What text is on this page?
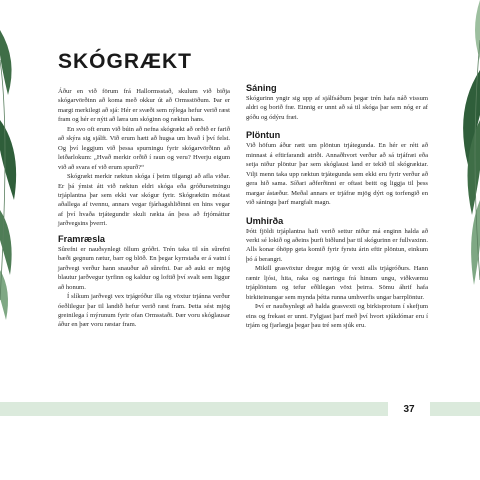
SKÓGRÆKT

Áður en við förum frá Hallormsstað, skulum við biðja skógarvörðinn að koma með okkur út að Ormsstöðum. Þar er margt merkilegt að sjá: Hér er svæði sem nýlega hefur verið ræst fram og hér er nýtt að læra um skóginn og ræktun hans.

En svo oft erum við búin að nefna skógrækt að orðið er farið að skýra sig sjálft. Við erum hætt að hugsa um hvað í því felst. Og því leggjum við þessa spurningu fyrir skógarvörðinn að leiðarlokum: „Hvað merkir orðið í raun og veru? Hverju eigum við að svara ef við erum spurð?“

Skógrækt merkir ræktun skóga í þeim tilgangi að afla viðar. Er þá ýmist átt við ræktun eldri skóga eða gróðursetningu trjáplantna þar sem ekki var skógur fyrir. Skógræktin mótast aðallega af tvennu, annars vegar fjárhagshliðinni en hins vegar af því hvaða trjátegundir skuli rækta án þess að frjómáttur jarðvegsins þverri.

Framræsla

Sûrefni er nauðsynlegt öllum gróðri. Trén taka til sín sûrefni bæði gegnum rætur, barr og blöð. En þegar kyrrstaða er á vatni í jarðvegi verður hann snauður að sûrefni. Þar að auki er mjög blautur jarðvegur tyrfinn og kaldur og loftið því svalt sem liggur að honum.

Í slíkum jarðvegi vex trjágróður illa og vöxtur trjánna verður óeðlilegur þar til landið hefur verið ræst fram. Þetta sést mjög greinilega í mýrunum fyrir ofan Ormsstaði. Þær voru skóglausar áður en þær voru ræstar fram.

Sáning

Skógurinn yngir sig upp af sjálfsáðum þegar trén hafa náð vissum aldri og borið fræ. Einnig er unnt að sá til skóga þar sem nóg er af góðu og ódýru fræi.

Plöntun

Við höfum áður rætt um plöntun trjátegunda. En hér er rétt að minnast á eftirfarandi atriði. Annaðhvort verður að sá trjáfræi eða setja niður plöntur þar sem skóglaust land er tekið til skógræktar. Vilji menn taka upp ræktun trjátegunda sem ekki eru fyrir verður að gera hið sama. Síðari aðferðinni er oftast beitt og liggja til þess margar ástæður. Meðal annars er trjáfræ mjög dýrt og torfengið en við sáningu þarf margfalt magn.

Umhirða

Þótt fjöldi trjáplantna hafi verið settur niður má enginn halda að verki sé lokið og aðeins þurfi biðlund þar til skógurinn er fullvaxinn. Alls konar óhöpp geta komið fyrir fyrstu árin eftir plöntun, einkum þó á berangri.

Mikill grasvöxtur dregur mjög úr vexti alls trjágróðurs. Hann rænir ljósi, hita, raka og næringu frá hinum ungu, viðkvæmu trjáplöntum og tefur eðlilegan vöxt þeirra. Sömu áhrif hafa birkiteinungar sem mynda þétta runna umhverfis ungar barrplöntur.

Því er nauðsynlegt að halda grasvexti og birkisprotum í skefjum eins og frekast er unnt. Fylgjast þarf með því hvort sjúkdómar eru í trjám og fjarlægja þegar þau tré sem sjúk eru.

37
